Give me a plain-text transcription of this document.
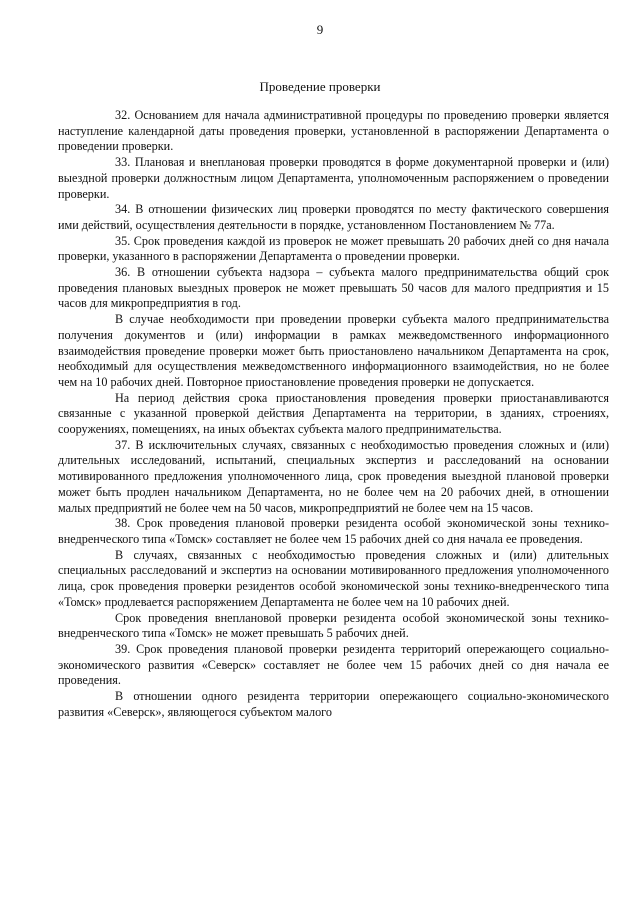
9
Проведение проверки

32. Основанием для начала административной процедуры по проведению проверки является наступление календарной даты проведения проверки, установленной в распоряжении Департамента о проведении проверки.

33. Плановая и внеплановая проверки проводятся в форме документарной проверки и (или) выездной проверки должностным лицом Департамента, уполномоченным распоряжением о проведении проверки.

34. В отношении физических лиц проверки проводятся по месту фактического совершения ими действий, осуществления деятельности в порядке, установленном Постановлением № 77а.

35. Срок проведения каждой из проверок не может превышать 20 рабочих дней со дня начала проверки, указанного в распоряжении Департамента о проведении проверки.

36. В отношении субъекта надзора – субъекта малого предпринимательства общий срок проведения плановых выездных проверок не может превышать 50 часов для малого предприятия и 15 часов для микропредприятия в год.

В случае необходимости при проведении проверки субъекта малого предпринимательства получения документов и (или) информации в рамках межведомственного информационного взаимодействия проведение проверки может быть приостановлено начальником Департамента на срок, необходимый для осуществления межведомственного информационного взаимодействия, но не более чем на 10 рабочих дней. Повторное приостановление проведения проверки не допускается.

На период действия срока приостановления проведения проверки приостанавливаются связанные с указанной проверкой действия Департамента на территории, в зданиях, строениях, сооружениях, помещениях, на иных объектах субъекта малого предпринимательства.

37. В исключительных случаях, связанных с необходимостью проведения сложных и (или) длительных исследований, испытаний, специальных экспертиз и расследований на основании мотивированного предложения уполномоченного лица, срок проведения выездной плановой проверки может быть продлен начальником Департамента, но не более чем на 20 рабочих дней, в отношении малых предприятий не более чем на 50 часов, микропредприятий не более чем на 15 часов.

38. Срок проведения плановой проверки резидента особой экономической зоны технико-внедренческого типа «Томск» составляет не более чем 15 рабочих дней со дня начала ее проведения.

В случаях, связанных с необходимостью проведения сложных и (или) длительных специальных расследований и экспертиз на основании мотивированного предложения уполномоченного лица, срок проведения проверки резидентов особой экономической зоны технико-внедренческого типа «Томск» продлевается распоряжением Департамента не более чем на 10 рабочих дней.

Срок проведения внеплановой проверки резидента особой экономической зоны технико-внедренческого типа «Томск» не может превышать 5 рабочих дней.

39. Срок проведения плановой проверки резидента территорий опережающего социально-экономического развития «Северск» составляет не более чем 15 рабочих дней со дня начала ее проведения.

В отношении одного резидента территории опережающего социально-экономического развития «Северск», являющегося субъектом малого
